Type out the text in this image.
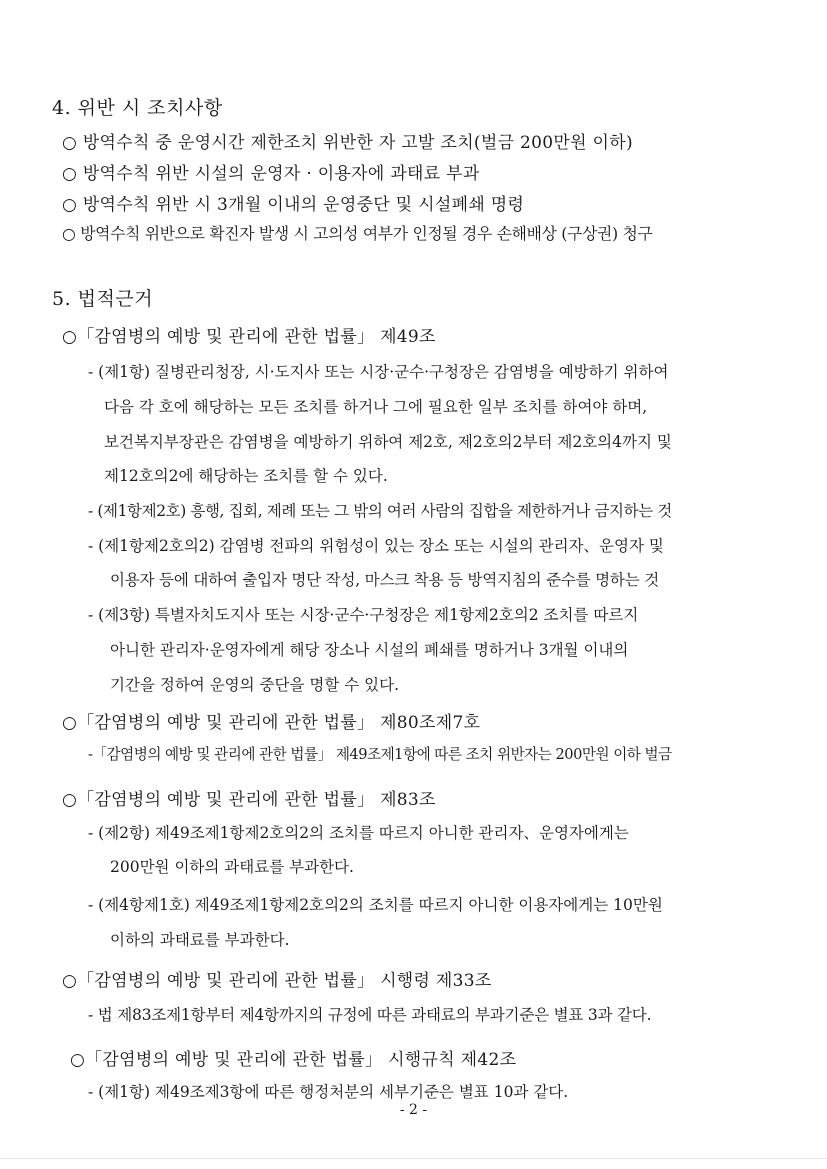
4. 위반 시 조치사항
○ 방역수칙 중 운영시간 제한조치 위반한 자 고발 조치(벌금 200만원 이하)
○ 방역수칙 위반 시설의 운영자 · 이용자에 과태료 부과
○ 방역수칙 위반 시 3개월 이내의 운영중단 및 시설폐쇄 명령
○ 방역수칙 위반으로 확진자 발생 시 고의성 여부가 인정될 경우 손해배상 (구상권) 청구
5. 법적근거
○「감염병의 예방 및 관리에 관한 법률」 제49조
- (제1항) 질병관리청장, 시·도지사 또는 시장·군수·구청장은 감염병을 예방하기 위하여
다음 각 호에 해당하는 모든 조치를 하거나 그에 필요한 일부 조치를 하여야 하며,
보건복지부장관은 감염병을 예방하기 위하여 제2호, 제2호의2부터 제2호의4까지 및
제12호의2에 해당하는 조치를 할 수 있다.
- (제1항제2호) 흥행, 집회, 제례 또는 그 밖의 여러 사람의 집합을 제한하거나 금지하는 것
- (제1항제2호의2) 감염병 전파의 위험성이 있는 장소 또는 시설의 관리자、운영자 및
이용자 등에 대하여 출입자 명단 작성, 마스크 착용 등 방역지침의 준수를 명하는 것
- (제3항) 특별자치도지사 또는 시장·군수·구청장은 제1항제2호의2 조치를 따르지
아니한 관리자·운영자에게 해당 장소나 시설의 폐쇄를 명하거나 3개월 이내의
기간을 정하여 운영의 중단을 명할 수 있다.
○「감염병의 예방 및 관리에 관한 법률」 제80조제7호
-「감염병의 예방 및 관리에 관한 법률」 제49조제1항에 따른 조치 위반자는 200만원 이하 벌금
○「감염병의 예방 및 관리에 관한 법률」 제83조
- (제2항) 제49조제1항제2호의2의 조치를 따르지 아니한 관리자、운영자에게는
200만원 이하의 과태료를 부과한다.
- (제4항제1호) 제49조제1항제2호의2의 조치를 따르지 아니한 이용자에게는 10만원
이하의 과태료를 부과한다.
○「감염병의 예방 및 관리에 관한 법률」 시행령 제33조
- 법 제83조제1항부터 제4항까지의 규정에 따른 과태료의 부과기준은 별표 3과 같다.
○「감염병의 예방 및 관리에 관한 법률」 시행규칙 제42조
- (제1항) 제49조제3항에 따른 행정처분의 세부기준은 별표 10과 같다.
- 2 -
